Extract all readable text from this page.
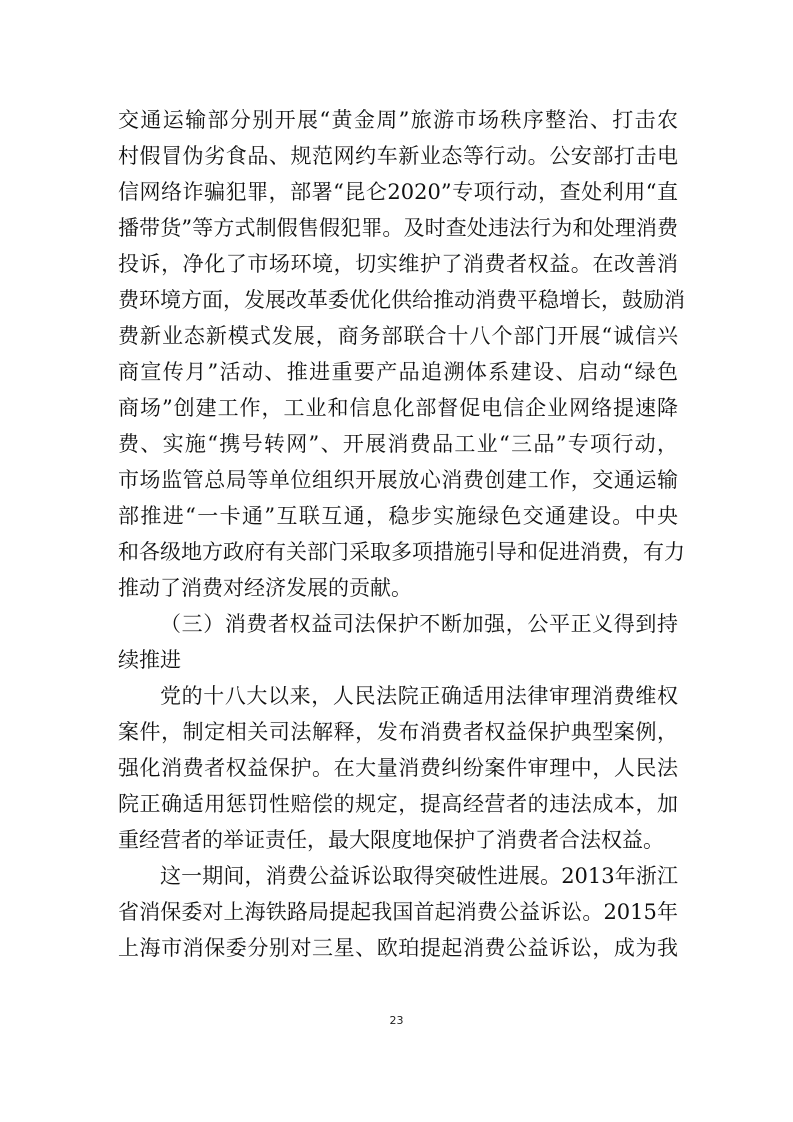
交通运输部分别开展“黄金周”旅游市场秩序整治、打击农
村假冒伪劣食品、规范网约车新业态等行动。公安部打击电
信网络诈骗犯罪，部署“昆仑2020”专项行动，查处利用“直
播带货”等方式制假售假犯罪。及时查处违法行为和处理消费
投诉，净化了市场环境，切实维护了消费者权益。在改善消
费环境方面，发展改革委优化供给推动消费平稳增长，鼓励消
费新业态新模式发展，商务部联合十八个部门开展“诚信兴
商宣传月”活动、推进重要产品追溯体系建设、启动“绿色
商场”创建工作，工业和信息化部督促电信企业网络提速降
费、实施“携号转网”、开展消费品工业“三品”专项行动，
市场监管总局等单位组织开展放心消费创建工作，交通运输
部推进“一卡通”互联互通，稳步实施绿色交通建设。中央
和各级地方政府有关部门采取多项措施引导和促进消费，有力
推动了消费对经济发展的贡献。
（三）消费者权益司法保护不断加强，公平正义得到持
续推进
党的十八大以来，人民法院正确适用法律审理消费维权
案件，制定相关司法解释，发布消费者权益保护典型案例，
强化消费者权益保护。在大量消费纠纷案件审理中，人民法
院正确适用惩罚性赔偿的规定，提高经营者的违法成本，加
重经营者的举证责任，最大限度地保护了消费者合法权益。
这一期间，消费公益诉讼取得突破性进展。2013年浙江
省消保委对上海铁路局提起我国首起消费公益诉讼。2015年
上海市消保委分别对三星、欧珀提起消费公益诉讼，成为我
23
